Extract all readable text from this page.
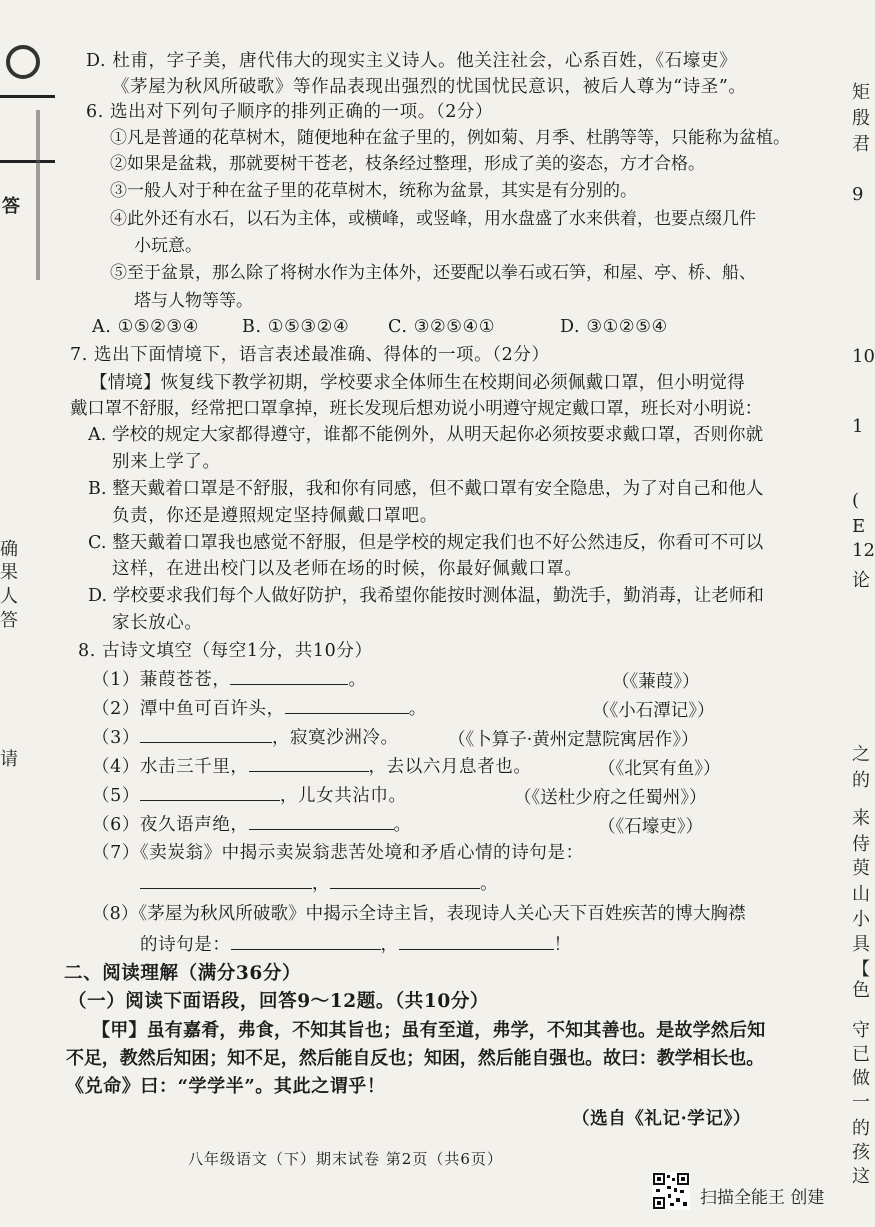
答
确
果
人
答
请
矩
殷
君
9
10
1
(
E
12
论
之
的
来
侍
萸
山
小
具
【
色
守
已
做
一
的
孩
这
D. 杜甫，字子美，唐代伟大的现实主义诗人。他关注社会，心系百姓，《石壕吏》
《茅屋为秋风所破歌》等作品表现出强烈的忧国忧民意识，被后人尊为“诗圣”。
6. 选出对下列句子顺序的排列正确的一项。（2分）
①凡是普通的花草树木，随便地种在盆子里的，例如菊、月季、杜鹃等等，只能称为盆植。
②如果是盆栽，那就要树干苍老，枝条经过整理，形成了美的姿态，方才合格。
③一般人对于种在盆子里的花草树木，统称为盆景，其实是有分别的。
④此外还有水石，以石为主体，或横峰，或竖峰，用水盘盛了水来供着，也要点缀几件
小玩意。
⑤至于盆景，那么除了将树水作为主体外，还要配以拳石或石笋，和屋、亭、桥、船、
塔与人物等等。
A. ①⑤②③④ B. ①⑤③②④ C. ③②⑤④①	D. ③①②⑤④
7. 选出下面情境下，语言表述最准确、得体的一项。（2分）
【情境】恢复线下教学初期，学校要求全体师生在校期间必须佩戴口罩，但小明觉得
戴口罩不舒服，经常把口罩拿掉，班长发现后想劝说小明遵守规定戴口罩，班长对小明说：
A. 学校的规定大家都得遵守，谁都不能例外，从明天起你必须按要求戴口罩，否则你就
别来上学了。
B. 整天戴着口罩是不舒服，我和你有同感，但不戴口罩有安全隐患，为了对自己和他人
负责，你还是遵照规定坚持佩戴口罩吧。
C. 整天戴着口罩我也感觉不舒服，但是学校的规定我们也不好公然违反，你看可不可以
这样，在进出校门以及老师在场的时候，你最好佩戴口罩。
D. 学校要求我们每个人做好防护，我希望你能按时测体温，勤洗手，勤消毒，让老师和
家长放心。
8. 古诗文填空（每空1分，共10分）
（1）蒹葭苍苍，	。	（《蒹葭》）
（2）潭中鱼可百许头，	。	（《小石潭记》）
（3）	，寂寞沙洲冷。	（《卜算子·黄州定慧院寓居作》）
（4）水击三千里，	，去以六月息者也。	（《北冥有鱼》）
（5）	，儿女共沾巾。	（《送杜少府之任蜀州》）
（6）夜久语声绝，	。	（《石壕吏》）
（7）《卖炭翁》中揭示卖炭翁悲苦处境和矛盾心情的诗句是：
，	。
（8）《茅屋为秋风所破歌》中揭示全诗主旨，表现诗人关心天下百姓疾苦的博大胸襟
的诗句是：	，	！
二、阅读理解（满分36分）
（一）阅读下面语段，回答9～12题。（共10分）
【甲】虽有嘉肴，弗食，不知其旨也；虽有至道，弗学，不知其善也。是故学然后知
不足，教然后知困；知不足，然后能自反也；知困，然后能自强也。故曰：教学相长也。
《兑命》曰：“学学半”。其此之谓乎！
（选自《礼记·学记》）
八年级语文（下）期末试卷 第2页（共6页）
扫描全能王 创建
